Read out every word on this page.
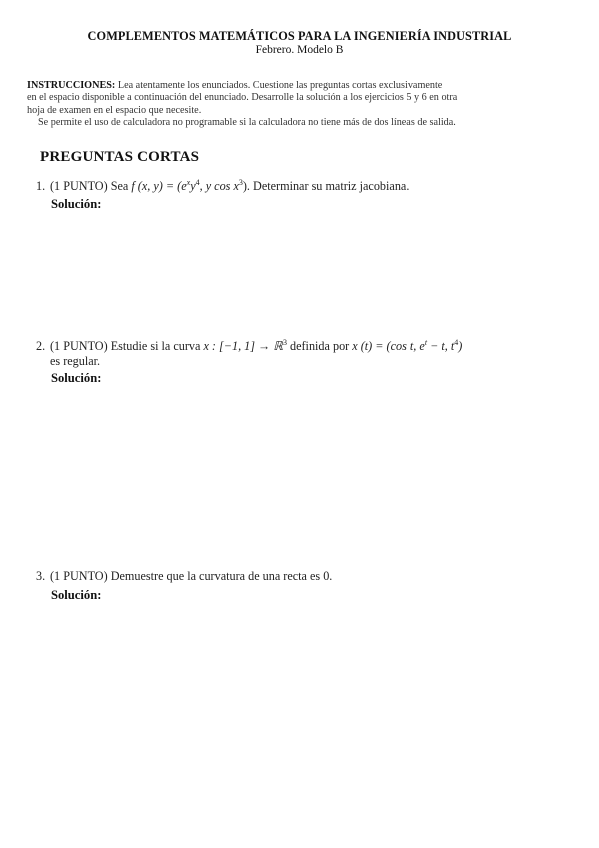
COMPLEMENTOS MATEMÁTICOS PARA LA INGENIERÍA INDUSTRIAL
Febrero. Modelo B
INSTRUCCIONES: Lea atentamente los enunciados. Cuestione las preguntas cortas exclusivamente
en el espacio disponible a continuación del enunciado. Desarrolle la solución a los ejercicios 5 y 6 en otra
hoja de examen en el espacio que necesite.
Se permite el uso de calculadora no programable si la calculadora no tiene más de dos líneas de salida.
PREGUNTAS CORTAS
1. (1 PUNTO) Sea f (x, $y) = (e^xy^4$, y $\cos x^3$). Determinar su matriz jacobiana.
Solución:
2. (1 PUNTO) Estudie si la curva x : [−1, 1] → ℝ$^3$ definida por x (t) = (cos t, $e^t - t$, $t^4$)
es regular.
Solución:
3. (1 PUNTO) Demuestre que la curvatura de una recta es 0.
Solución:
